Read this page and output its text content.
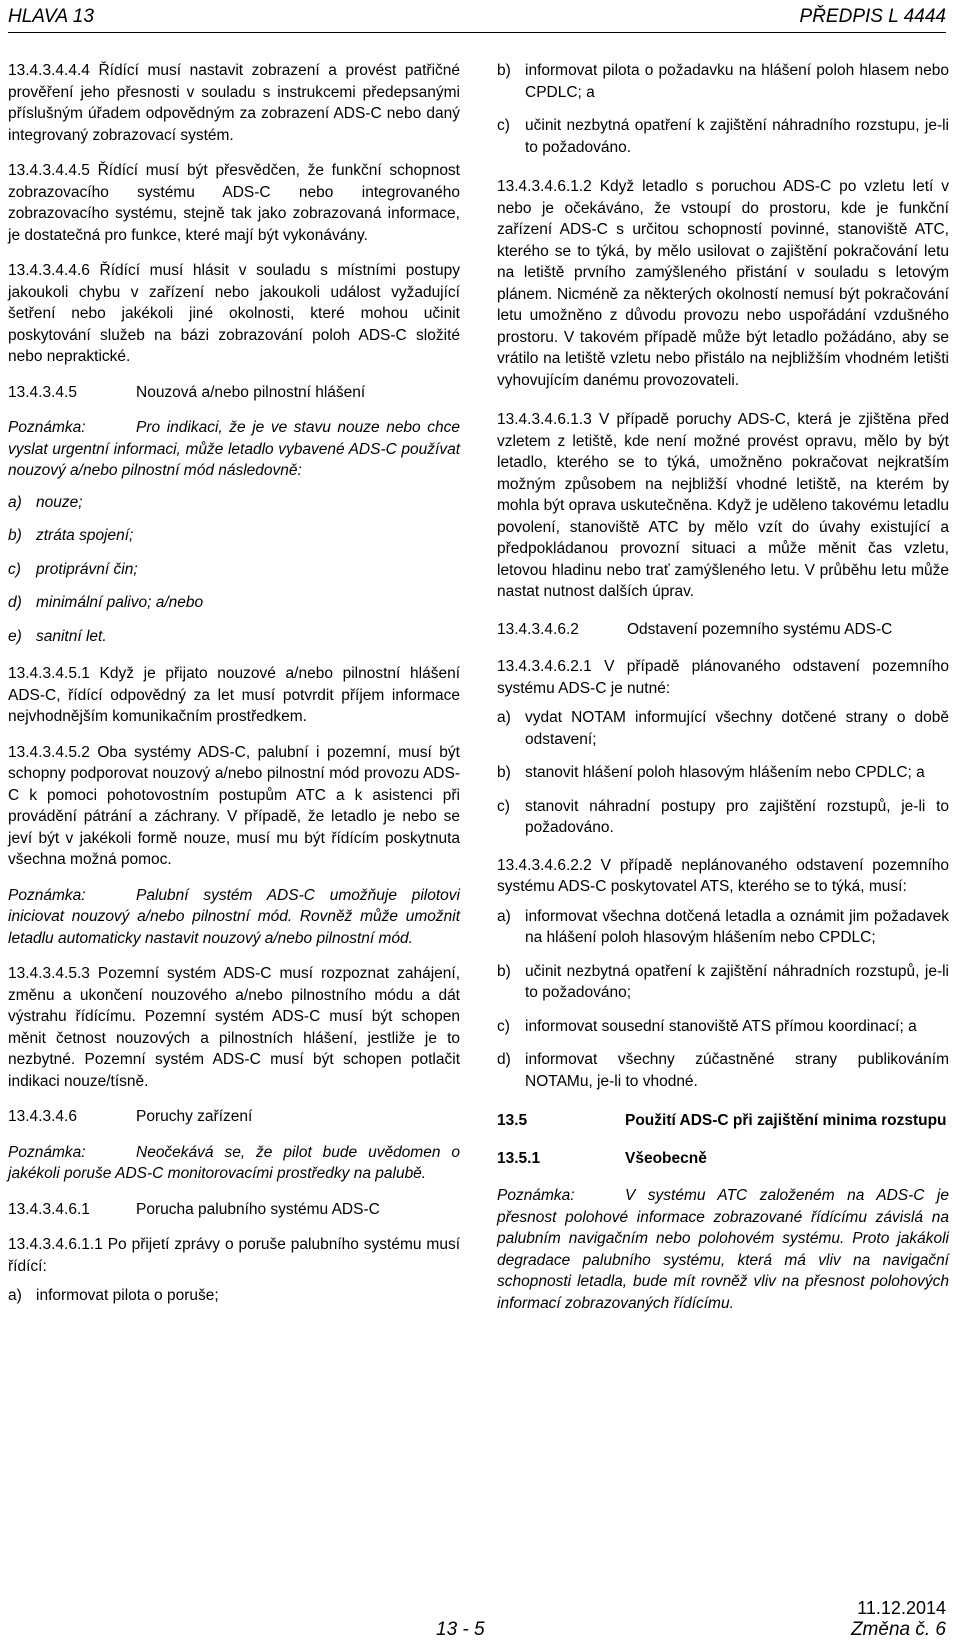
HLAVA 13	PŘEDPIS L 4444

13.4.3.4.4.4 Řídící musí nastavit zobrazení a provést patřičné prověření jeho přesnosti v souladu s instrukcemi předepsanými příslušným úřadem odpovědným za zobrazení ADS-C nebo daný integrovaný zobrazovací systém.

13.4.3.4.4.5 Řídící musí být přesvědčen, že funkční schopnost zobrazovacího systému ADS-C nebo integrovaného zobrazovacího systému, stejně tak jako zobrazovaná informace, je dostatečná pro funkce, které mají být vykonávány.

13.4.3.4.4.6 Řídící musí hlásit v souladu s místními postupy jakoukoli chybu v zařízení nebo jakoukoli událost vyžadující šetření nebo jakékoli jiné okolnosti, které mohou učinit poskytování služeb na bázi zobrazování poloh ADS-C složité nebo nepraktické.

13.4.3.4.5	Nouzová a/nebo pilnostní hlášení

Poznámka:	Pro indikaci, že je ve stavu nouze nebo chce vyslat urgentní informaci, může letadlo vybavené ADS-C používat nouzový a/nebo pilnostní mód následovně:

a) nouze;
b) ztráta spojení;
c) protiprávní čin;
d) minimální palivo; a/nebo
e) sanitní let.

13.4.3.4.5.1 Když je přijato nouzové a/nebo pilnostní hlášení ADS-C, řídící odpovědný za let musí potvrdit příjem informace nejvhodnějším komunikačním prostředkem.

13.4.3.4.5.2 Oba systémy ADS-C, palubní i pozemní, musí být schopny podporovat nouzový a/nebo pilnostní mód provozu ADS-C k pomoci pohotovostním postupům ATC a k asistenci při provádění pátrání a záchrany. V případě, že letadlo je nebo se jeví být v jakékoli formě nouze, musí mu být řídícím poskytnuta všechna možná pomoc.

Poznámka:	Palubní systém ADS-C umožňuje pilotovi iniciovat nouzový a/nebo pilnostní mód. Rovněž může umožnit letadlu automaticky nastavit nouzový a/nebo pilnostní mód.

13.4.3.4.5.3 Pozemní systém ADS-C musí rozpoznat zahájení, změnu a ukončení nouzového a/nebo pilnostního módu a dát výstrahu řídícímu. Pozemní systém ADS-C musí být schopen měnit četnost nouzových a pilnostních hlášení, jestliže je to nezbytné. Pozemní systém ADS-C musí být schopen potlačit indikaci nouze/tísně.

13.4.3.4.6	Poruchy zařízení

Poznámka:	Neočekává se, že pilot bude uvědomen o jakékoli poruše ADS-C monitorovacími prostředky na palubě.

13.4.3.4.6.1	Porucha palubního systému ADS-C

13.4.3.4.6.1.1 Po přijetí zprávy o poruše palubního systému musí řídící:

a) informovat pilota o poruše;
b) informovat pilota o požadavku na hlášení poloh hlasem nebo CPDLC; a
c) učinit nezbytná opatření k zajištění náhradního rozstupu, je-li to požadováno.

13.4.3.4.6.1.2 Když letadlo s poruchou ADS-C po vzletu letí v nebo je očekáváno, že vstoupí do prostoru, kde je funkční zařízení ADS-C s určitou schopností povinné, stanoviště ATC, kterého se to týká, by mělo usilovat o zajištění pokračování letu na letiště prvního zamýšleného přistání v souladu s letovým plánem. Nicméně za některých okolností nemusí být pokračování letu umožněno z důvodu provozu nebo uspořádání vzdušného prostoru. V takovém případě může být letadlo požádáno, aby se vrátilo na letiště vzletu nebo přistálo na nejbližším vhodném letišti vyhovujícím danému provozovateli.

13.4.3.4.6.1.3 V případě poruchy ADS-C, která je zjištěna před vzletem z letiště, kde není možné provést opravu, mělo by být letadlo, kterého se to týká, umožněno pokračovat nejkratším možným způsobem na nejbližší vhodné letiště, na kterém by mohla být oprava uskutečněna. Když je uděleno takovému letadlu povolení, stanoviště ATC by mělo vzít do úvahy existující a předpokládanou provozní situaci a může měnit čas vzletu, letovou hladinu nebo trať zamýšleného letu. V průběhu letu může nastat nutnost dalších úprav.

13.4.3.4.6.2	Odstavení pozemního systému ADS-C

13.4.3.4.6.2.1 V případě plánovaného odstavení pozemního systému ADS-C je nutné:

a) vydat NOTAM informující všechny dotčené strany o době odstavení;
b) stanovit hlášení poloh hlasovým hlášením nebo CPDLC; a
c) stanovit náhradní postupy pro zajištění rozstupů, je-li to požadováno.

13.4.3.4.6.2.2 V případě neplánovaného odstavení pozemního systému ADS-C poskytovatel ATS, kterého se to týká, musí:

a) informovat všechna dotčená letadla a oznámit jim požadavek na hlášení poloh hlasovým hlášením nebo CPDLC;
b) učinit nezbytná opatření k zajištění náhradních rozstupů, je-li to požadováno;
c) informovat sousední stanoviště ATS přímou koordinací; a
d) informovat všechny zúčastněné strany publikováním NOTAMu, je-li to vhodné.

13.5	Použití ADS-C při zajištění minima rozstupu

13.5.1	Všeobecně

Poznámka:	V systému ATC založeném na ADS-C je přesnost polohové informace zobrazované řídícímu závislá na palubním navigačním nebo polohovém systému. Proto jakákoli degradace palubního systému, která má vliv na navigační schopnosti letadla, bude mít rovněž vliv na přesnost polohových informací zobrazovaných řídícímu.

13 - 5
11.12.2014
Změna č. 6
